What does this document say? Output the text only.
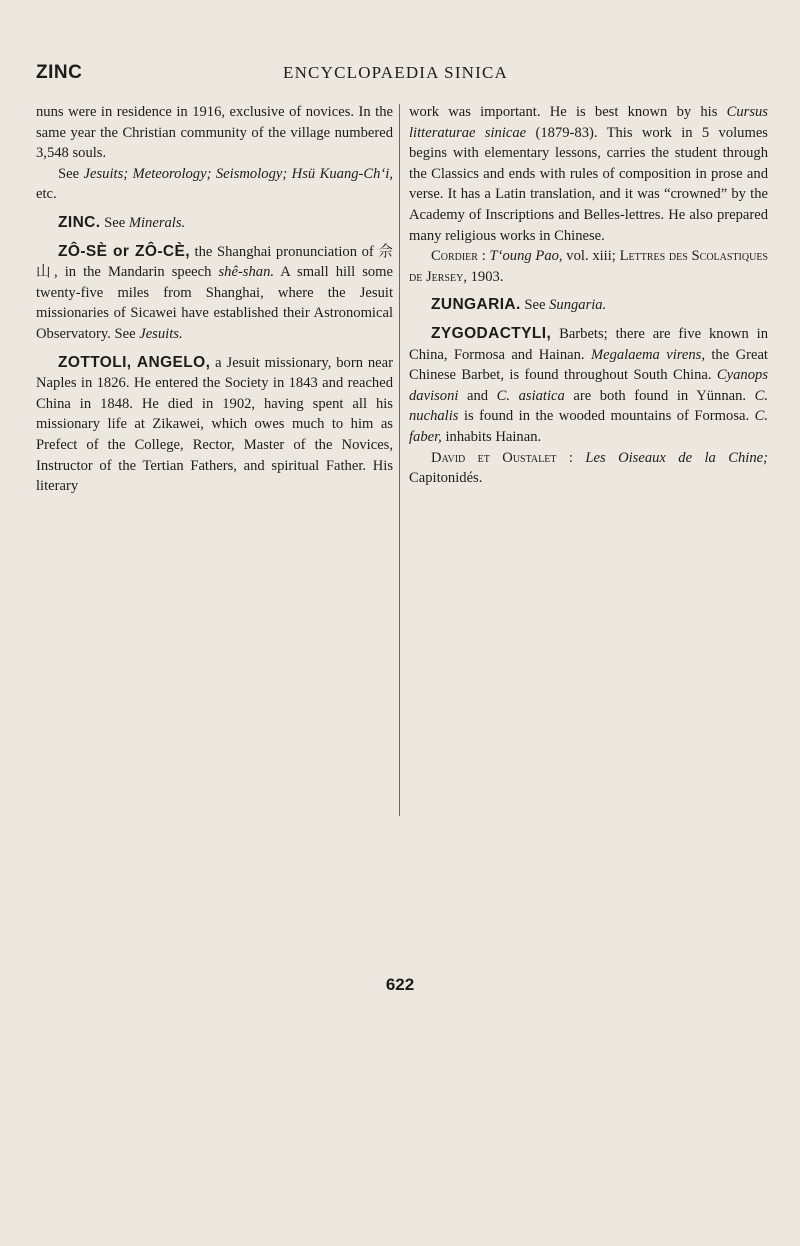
ZINC	ENCYCLOPAEDIA SINICA

nuns were in residence in 1916, exclusive of novices. In the same year the Christian community of the village numbered 3,548 souls.

See Jesuits; Meteorology; Seismology; Hsü Kuang-Ch‘i, etc.

ZINC. See Minerals.

ZÔ-SÈ or ZÔ-CÈ, the Shanghai pronunciation of 佘山, in the Mandarin speech shê-shan. A small hill some twenty-five miles from Shanghai, where the Jesuit missionaries of Sicawei have established their Astronomical Observatory. See Jesuits.

ZOTTOLI, ANGELO, a Jesuit missionary, born near Naples in 1826. He entered the Society in 1843 and reached China in 1848. He died in 1902, having spent all his missionary life at Zikawei, which owes much to him as Prefect of the College, Rector, Master of the Novices, Instructor of the Tertian Fathers, and spiritual Father. His literary

work was important. He is best known by his Cursus litteraturae sinicae (1879-83). This work in 5 volumes begins with elementary lessons, carries the student through the Classics and ends with rules of composition in prose and verse. It has a Latin translation, and it was “crowned” by the Academy of Inscriptions and Belles-lettres. He also prepared many religious works in Chinese.

Cordier : T‘oung Pao, vol. xiii; Lettres des Scolastiques de Jersey, 1903.

ZUNGARIA. See Sungaria.

ZYGODACTYLI, Barbets; there are five known in China, Formosa and Hainan. Megalaema virens, the Great Chinese Barbet, is found throughout South China. Cyanops davisoni and C. asiatica are both found in Yünnan. C. nuchalis is found in the wooded mountains of Formosa. C. faber, inhabits Hainan.

David et Oustalet : Les Oiseaux de la Chine; Capitonidés.

622
